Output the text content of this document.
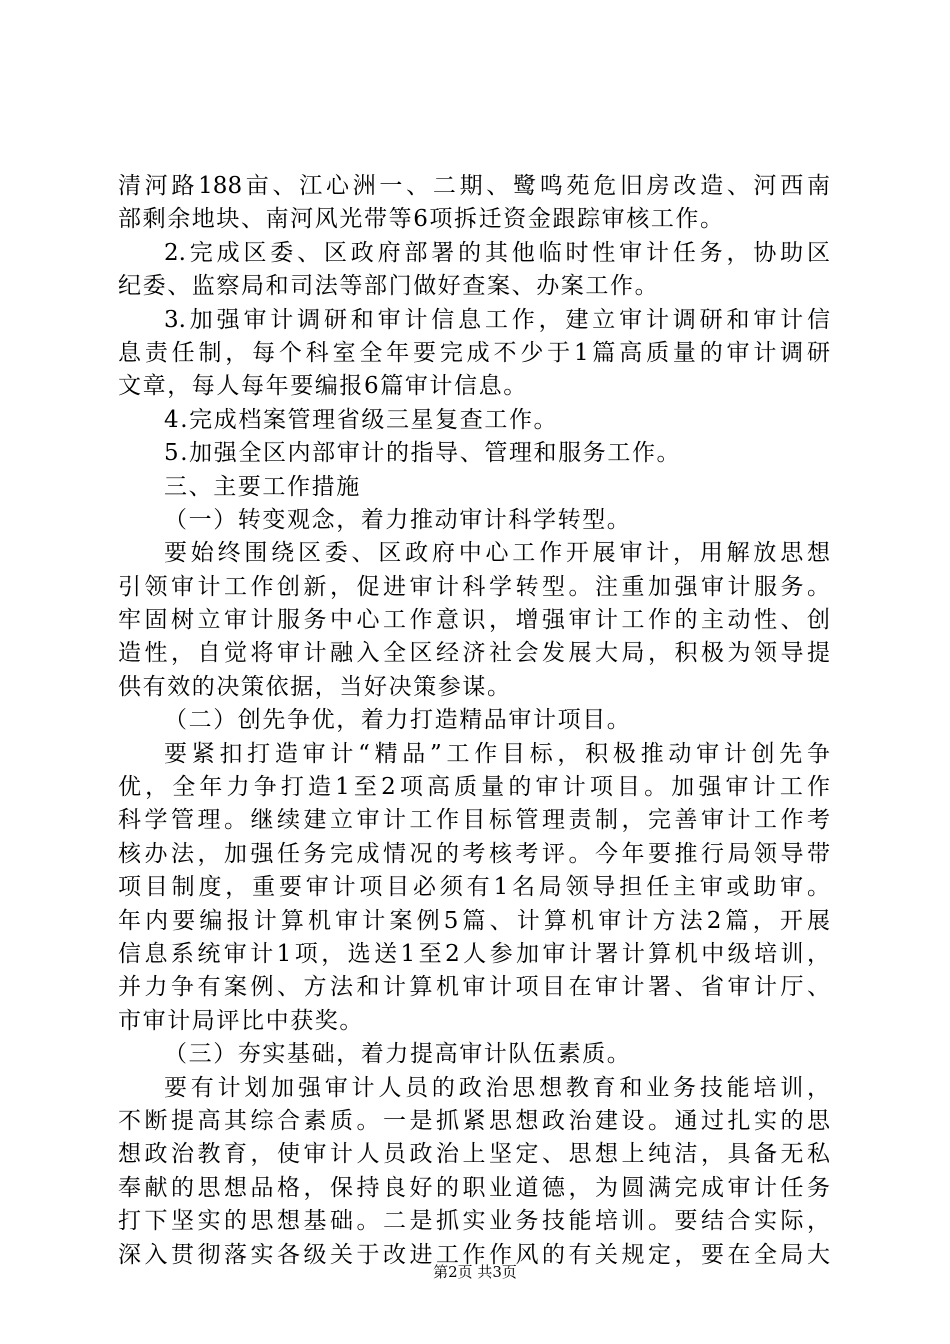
清河路188亩、江心洲一、二期、鹭鸣苑危旧房改造、河西南
部剩余地块、南河风光带等6项拆迁资金跟踪审核工作。
2.完成区委、区政府部署的其他临时性审计任务，协助区
纪委、监察局和司法等部门做好查案、办案工作。
3.加强审计调研和审计信息工作，建立审计调研和审计信
息责任制，每个科室全年要完成不少于1篇高质量的审计调研
文章，每人每年要编报6篇审计信息。
4.完成档案管理省级三星复查工作。
5.加强全区内部审计的指导、管理和服务工作。
三、主要工作措施
（一）转变观念，着力推动审计科学转型。
要始终围绕区委、区政府中心工作开展审计，用解放思想
引领审计工作创新，促进审计科学转型。注重加强审计服务。
牢固树立审计服务中心工作意识，增强审计工作的主动性、创
造性，自觉将审计融入全区经济社会发展大局，积极为领导提
供有效的决策依据，当好决策参谋。
（二）创先争优，着力打造精品审计项目。
要紧扣打造审计“精品”工作目标，积极推动审计创先争
优，全年力争打造1至2项高质量的审计项目。加强审计工作
科学管理。继续建立审计工作目标管理责制，完善审计工作考
核办法，加强任务完成情况的考核考评。今年要推行局领导带
项目制度，重要审计项目必须有1名局领导担任主审或助审。
年内要编报计算机审计案例5篇、计算机审计方法2篇，开展
信息系统审计1项，选送1至2人参加审计署计算机中级培训，
并力争有案例、方法和计算机审计项目在审计署、省审计厅、
市审计局评比中获奖。
（三）夯实基础，着力提高审计队伍素质。
要有计划加强审计人员的政治思想教育和业务技能培训，
不断提高其综合素质。一是抓紧思想政治建设。通过扎实的思
想政治教育，使审计人员政治上坚定、思想上纯洁，具备无私
奉献的思想品格，保持良好的职业道德，为圆满完成审计任务
打下坚实的思想基础。二是抓实业务技能培训。要结合实际，
深入贯彻落实各级关于改进工作作风的有关规定，要在全局大
第2页 共3页
